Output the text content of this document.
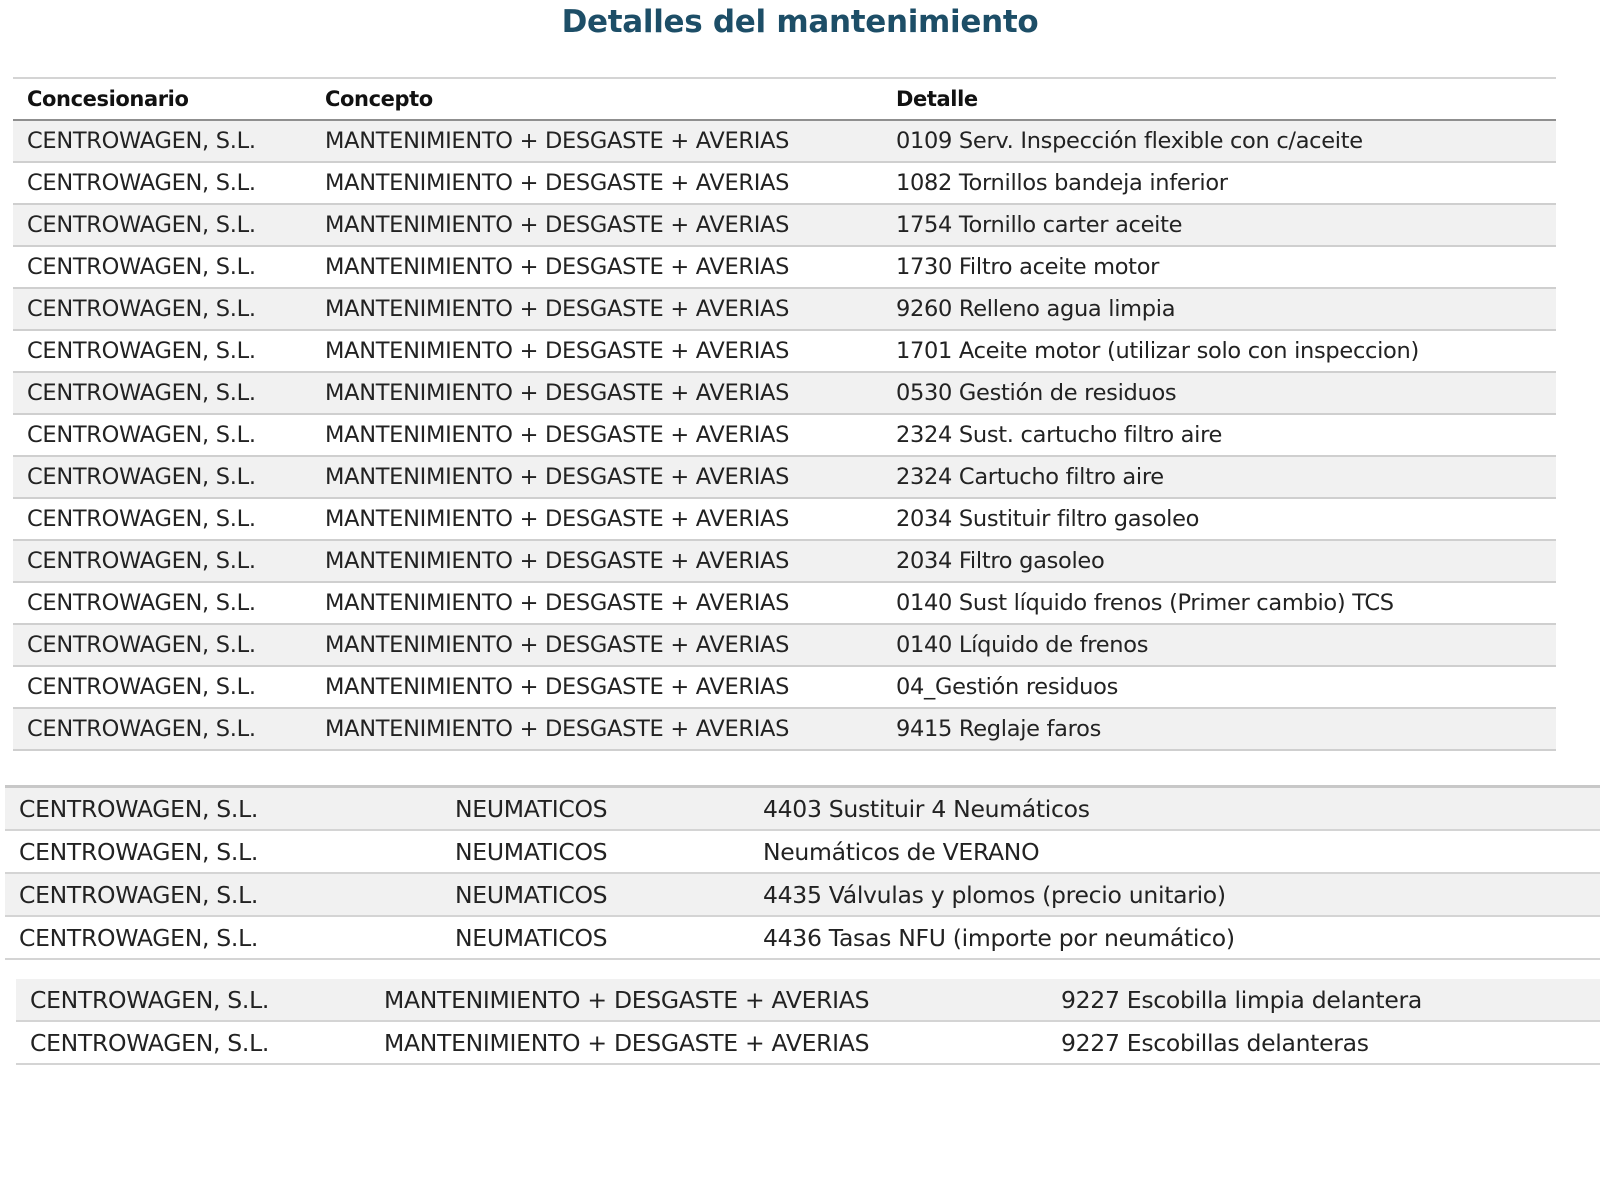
Detalles del mantenimiento
Concesionario	Concepto	Detalle
CENTROWAGEN, S.L.	MANTENIMIENTO + DESGASTE + AVERIAS	0109 Serv. Inspección flexible con c/aceite
CENTROWAGEN, S.L.	MANTENIMIENTO + DESGASTE + AVERIAS	1082 Tornillos bandeja inferior
CENTROWAGEN, S.L.	MANTENIMIENTO + DESGASTE + AVERIAS	1754 Tornillo carter aceite
CENTROWAGEN, S.L.	MANTENIMIENTO + DESGASTE + AVERIAS	1730 Filtro aceite motor
CENTROWAGEN, S.L.	MANTENIMIENTO + DESGASTE + AVERIAS	9260 Relleno agua limpia
CENTROWAGEN, S.L.	MANTENIMIENTO + DESGASTE + AVERIAS	1701 Aceite motor (utilizar solo con inspeccion)
CENTROWAGEN, S.L.	MANTENIMIENTO + DESGASTE + AVERIAS	0530 Gestión de residuos
CENTROWAGEN, S.L.	MANTENIMIENTO + DESGASTE + AVERIAS	2324 Sust. cartucho filtro aire
CENTROWAGEN, S.L.	MANTENIMIENTO + DESGASTE + AVERIAS	2324 Cartucho filtro aire
CENTROWAGEN, S.L.	MANTENIMIENTO + DESGASTE + AVERIAS	2034 Sustituir filtro gasoleo
CENTROWAGEN, S.L.	MANTENIMIENTO + DESGASTE + AVERIAS	2034 Filtro gasoleo
CENTROWAGEN, S.L.	MANTENIMIENTO + DESGASTE + AVERIAS	0140 Sust líquido frenos (Primer cambio) TCS
CENTROWAGEN, S.L.	MANTENIMIENTO + DESGASTE + AVERIAS	0140 Líquido de frenos
CENTROWAGEN, S.L.	MANTENIMIENTO + DESGASTE + AVERIAS	04_Gestión residuos
CENTROWAGEN, S.L.	MANTENIMIENTO + DESGASTE + AVERIAS	9415 Reglaje faros
CENTROWAGEN, S.L.	NEUMATICOS	4403 Sustituir 4 Neumáticos
CENTROWAGEN, S.L.	NEUMATICOS	Neumáticos de VERANO
CENTROWAGEN, S.L.	NEUMATICOS	4435 Válvulas y plomos (precio unitario)
CENTROWAGEN, S.L.	NEUMATICOS	4436 Tasas NFU (importe por neumático)
CENTROWAGEN, S.L.	MANTENIMIENTO + DESGASTE + AVERIAS	9227 Escobilla limpia delantera
CENTROWAGEN, S.L.	MANTENIMIENTO + DESGASTE + AVERIAS	9227 Escobillas delanteras
